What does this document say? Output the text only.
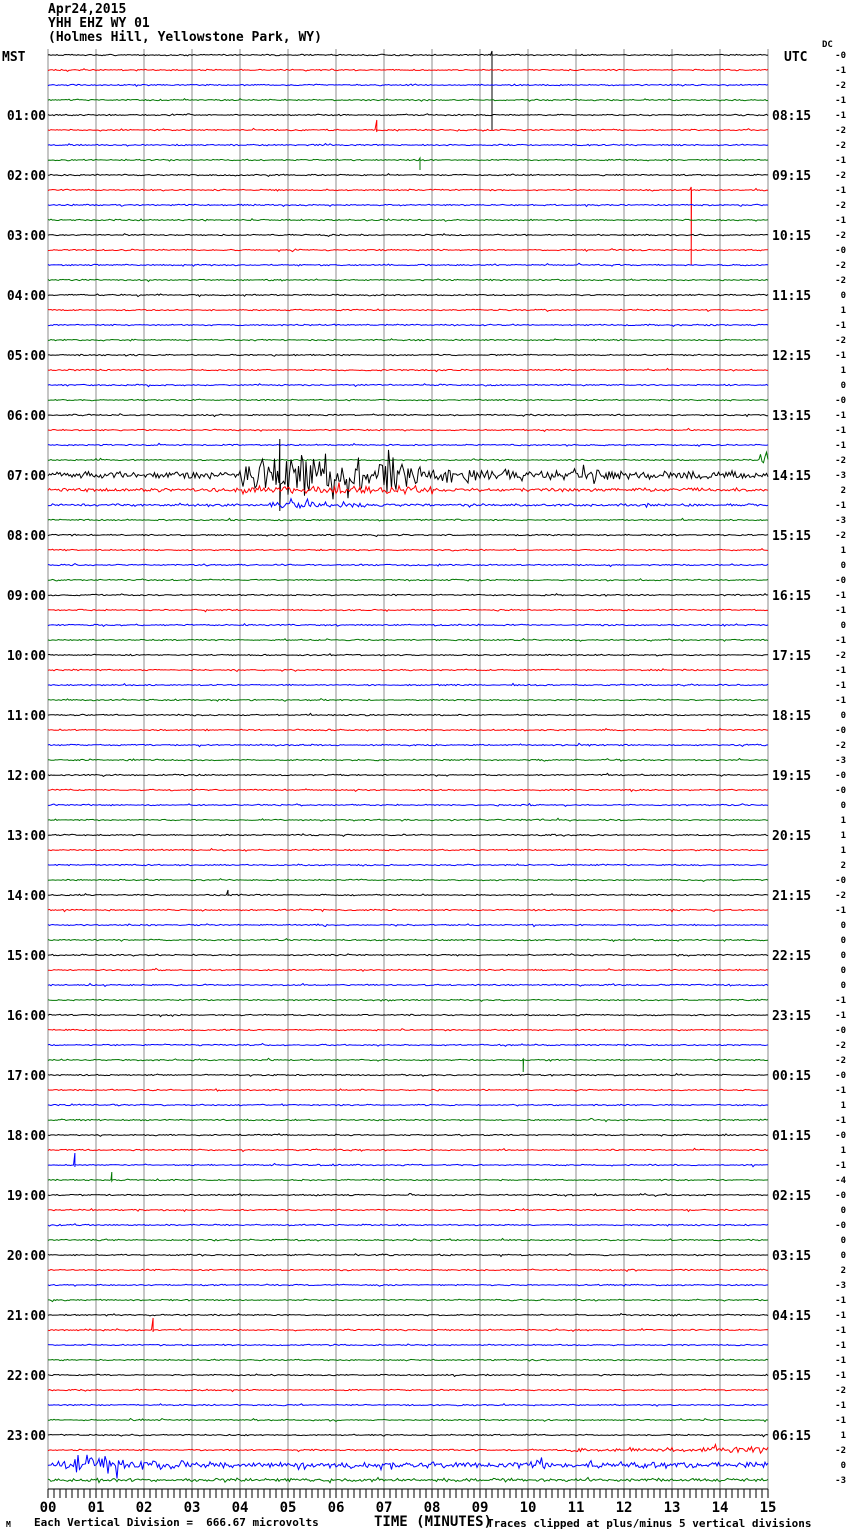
Apr24,2015
YHH EHZ WY 01
(Holmes Hill, Yellowstone Park, WY)
MST	UTC
DC
00 01 02 03 04 05 06 07 08 09 10 11 12 13 14 15
01:00	08:15
02:00	09:15
03:00	10:15
04:00	11:15
05:00	12:15
06:00	13:15
07:00	14:15
08:00	15:15
09:00	16:15
10:00	17:15
11:00	18:15
12:00	19:15
13:00	20:15
14:00	21:15
15:00	22:15
16:00	23:15
17:00	00:15
18:00	01:15
19:00	02:15
20:00	03:15
21:00	04:15
22:00	05:15
23:00	06:15
-0
-1
-2
-1
-1
-2
-2
-1
-2
-1
-2
-1
-2
-0
-2
-2
0
1
-1
-2
-1
1
0
-0
-1
-1
-1
-2
-3
2
-1
-3
-2
1
0
-0
-1
-1
0
-1
-2
-1
-1
-1
0
-0
-2
-3
-0
-0
0
1
1
1
2
-0
-2
-1
0
0
0
0
0
-1
-1
-0
-2
-2
-0
-1
1
-1
-0
1
-1
-4
-0
0
-0
0
0
2
-3
-1
-1
-1
-1
-1
-1
-2
-1
-1
1
-2
0
-3
M Each Vertical Division =  666.67 microvolts	TIME (MINUTES)
Traces clipped at plus/minus 5 vertical divisions
